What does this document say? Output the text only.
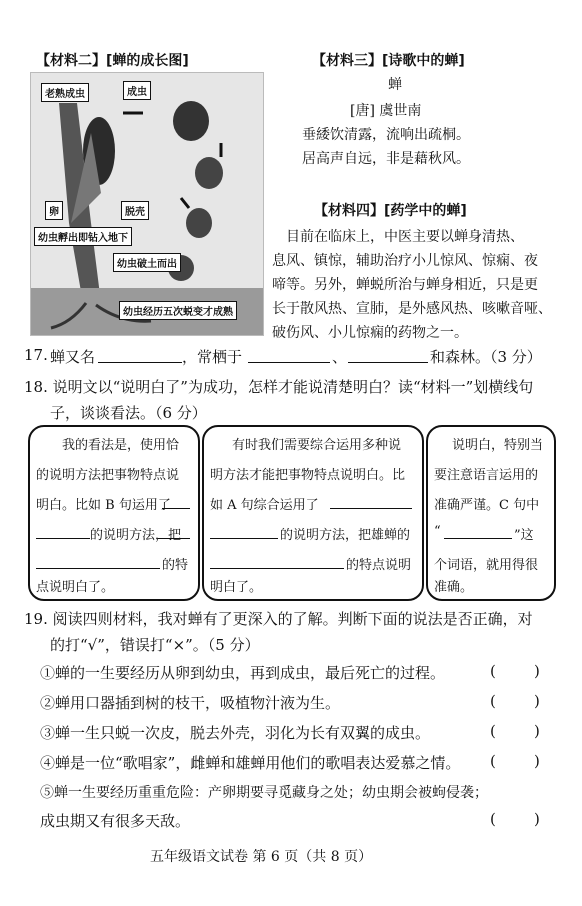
【材料二】[蝉的成长图]
老熟成虫	成虫
卵	脱壳
幼虫孵出即钻入地下
幼虫破土而出
幼虫经历五次蜕变才成熟
【材料三】[诗歌中的蝉]
蝉
[唐] 虞世南
垂緌饮清露，流响出疏桐。
居高声自远，非是藉秋风。
【材料四】[药学中的蝉]
目前在临床上，中医主要以蝉身清热、
息风、镇惊，辅助治疗小儿惊风、惊痫、夜
啼等。另外，蝉蜕所治与蝉身相近，只是更
长于散风热、宣肺，是外感风热、咳嗽音哑、
破伤风、小儿惊痫的药物之一。
17. 蝉又名	，常栖于	、	和森林。（3 分）
18. 说明文以“说明白了”为成功，怎样才能说清楚明白？读“材料一”划横线句
子，谈谈看法。（6 分）
我的看法是，使用恰
的说明方法把事物特点说
明白。比如 B 句运用了
的说明方法，把
的特
点说明白了。
有时我们需要综合运用多种说
明方法才能把事物特点说明白。比
如 A 句综合运用了
的说明方法，把雄蝉的
的特点说明
明白了。
说明白，特别当
要注意语言运用的
准确严谨。C 句中
“	”这
个词语，就用得很
准确。
19. 阅读四则材料，我对蝉有了更深入的了解。判断下面的说法是否正确，对
的打“√”，错误打“×”。（5 分）
①蝉的一生要经历从卵到幼虫，再到成虫，最后死亡的过程。	(        )
②蝉用口器插到树的枝干，吸植物汁液为生。	(        )
③蝉一生只蜕一次皮，脱去外壳，羽化为长有双翼的成虫。	(        )
④蝉是一位“歌唱家”，雌蝉和雄蝉用他们的歌唱表达爱慕之情。 (        )
⑤蝉一生要经历重重危险：产卵期要寻觅藏身之处；幼虫期会被蚼侵袭；
成虫期又有很多天敌。	(        )
五年级语文试卷 第 6 页（共 8 页）
